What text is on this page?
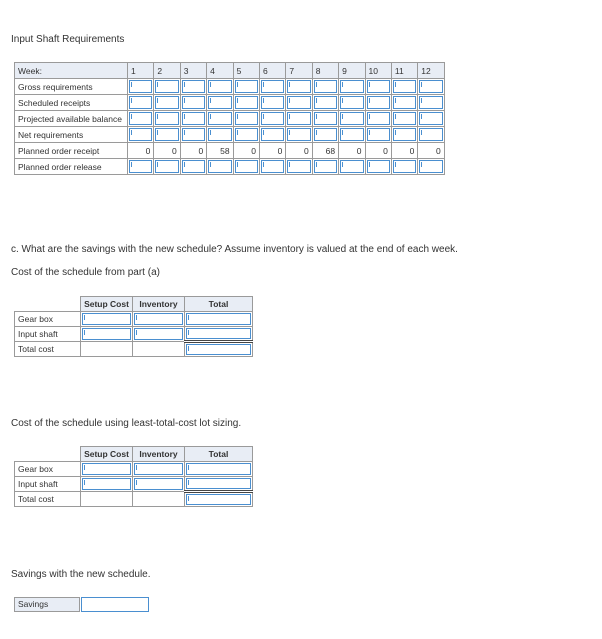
Input Shaft Requirements
Week:	1	2	3	4	5	6	7	8	9	10	11	12
Gross requirements	

Scheduled receipts	

Projected available balance	

Net requirements	

Planned order receipt	0	0	0	58	0	0	0	68	0	0	0	0

Planned order release	

c. What are the savings with the new schedule? Assume inventory is valued at the end of each week.
Cost of the schedule from part (a)
	Setup Cost	Inventory	Total
Gear box	

Input shaft	

Total cost			
Cost of the schedule using least-total-cost lot sizing.
	Setup Cost	Inventory	Total
Gear box	

Input shaft	

Total cost			
Savings with the new schedule.
Savings
